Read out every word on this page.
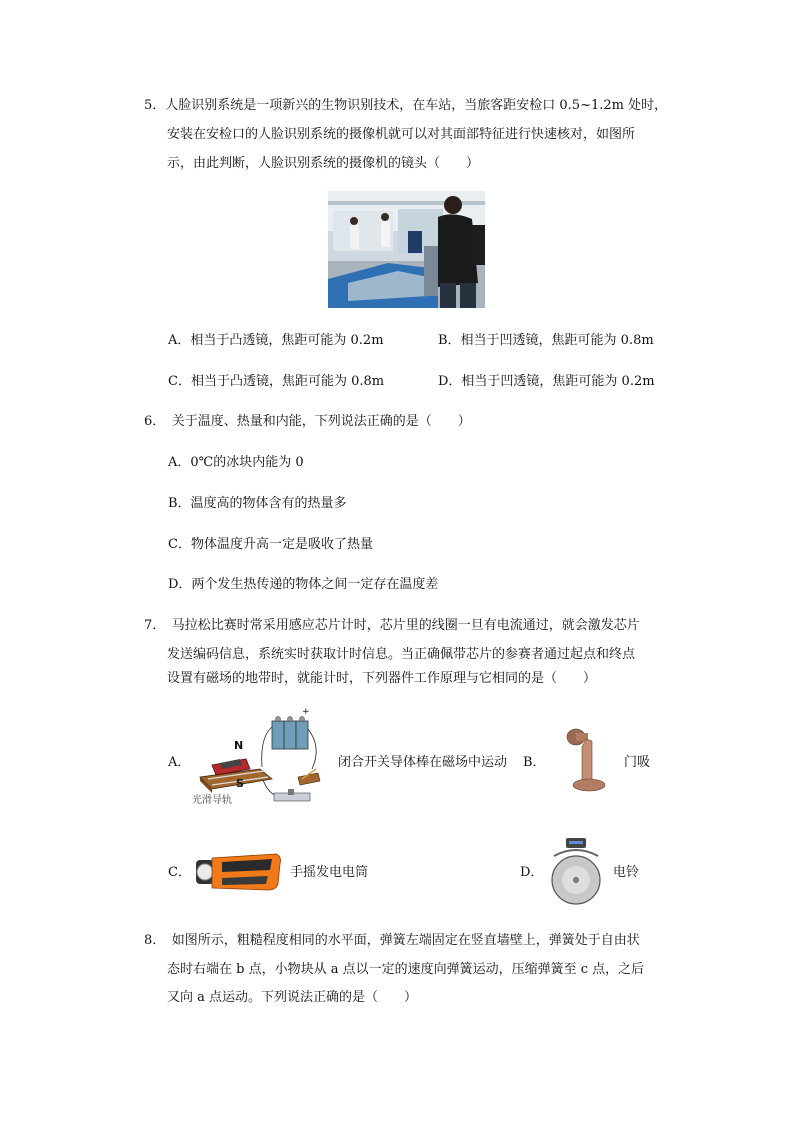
5．人脸识别系统是一项新兴的生物识别技术，在车站，当旅客距安检口 0.5~1.2m 处时，
安装在安检口的人脸识别系统的摄像机就可以对其面部特征进行快速核对，如图所
示，由此判断，人脸识别系统的摄像机的镜头（　　）
A．相当于凸透镜，焦距可能为 0.2m	B．相当于凹透镜，焦距可能为 0.8m
C．相当于凸透镜，焦距可能为 0.8m	D．相当于凹透镜，焦距可能为 0.2m
6．　关于温度、热量和内能，下列说法正确的是（　　）
A．0℃的冰块内能为 0
B．温度高的物体含有的热量多
C．物体温度升高一定是吸收了热量
D．两个发生热传递的物体之间一定存在温度差
7．　马拉松比赛时常采用感应芯片计时，芯片里的线圈一旦有电流通过，就会激发芯片
发送编码信息，系统实时获取计时信息。当正确佩带芯片的参赛者通过起点和终点
设置有磁场的地带时，就能计时，下列器件工作原理与它相同的是（　　）
A．
N
S
+
光滑导轨
闭合开关导体棒在磁场中运动 B．	门吸
C．	手摇发电电筒	D．	电铃
8．　如图所示，粗糙程度相同的水平面，弹簧左端固定在竖直墙壁上，弹簧处于自由状
态时右端在 b 点，小物块从 a 点以一定的速度向弹簧运动，压缩弹簧至 c 点，之后
又向 a 点运动。下列说法正确的是（　　）
